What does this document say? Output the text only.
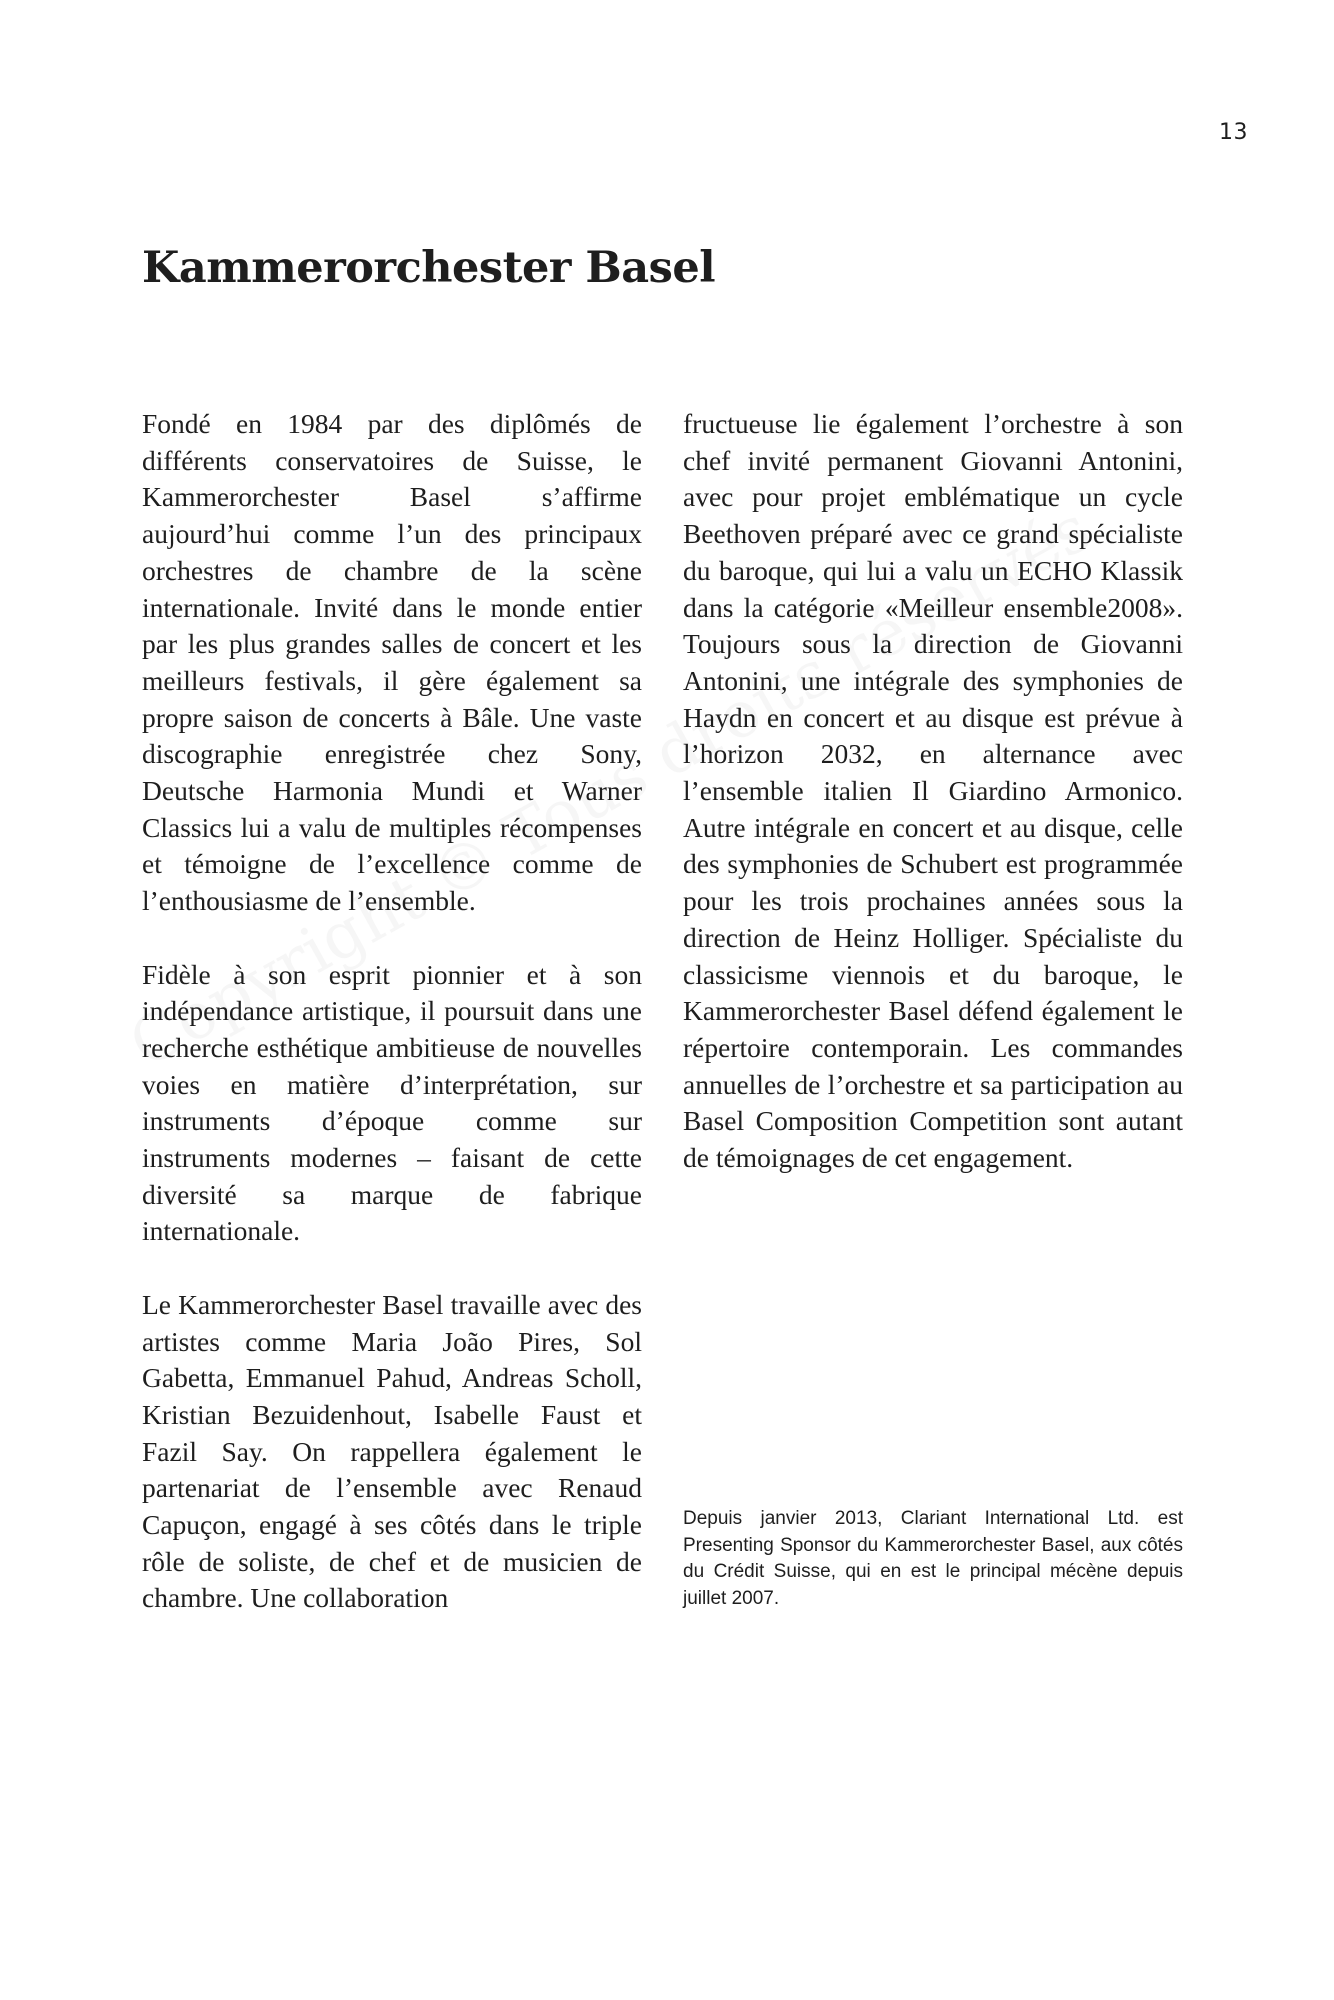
13
Kammerorchester Basel

Fondé en 1984 par des diplômés de différents conservatoires de Suisse, le Kammerorchester Basel s’affirme aujourd’hui comme l’un des principaux orchestres de chambre de la scène internationale. Invité dans le monde entier par les plus grandes salles de concert et les meilleurs festivals, il gère également sa propre saison de concerts à Bâle. Une vaste discographie enregistrée chez Sony, Deutsche Harmonia Mundi et Warner Classics lui a valu de multiples récompenses et témoigne de l’excellence comme de l’enthousiasme de l’ensemble.

Fidèle à son esprit pionnier et à son indépendance artistique, il poursuit dans une recherche esthétique ambitieuse de nouvelles voies en matière d’interprétation, sur instruments d’époque comme sur instruments modernes – faisant de cette diversité sa marque de fabrique internationale.

Le Kammerorchester Basel travaille avec des artistes comme Maria João Pires, Sol Gabetta, Emmanuel Pahud, Andreas Scholl, Kristian Bezuidenhout, Isabelle Faust et Fazil Say. On rappellera également le partenariat de l’ensemble avec Renaud Capuçon, engagé à ses côtés dans le triple rôle de soliste, de chef et de musicien de chambre. Une collaboration

fructueuse lie également l’orchestre à son chef invité permanent Giovanni Antonini, avec pour projet emblématique un cycle Beethoven préparé avec ce grand spécialiste du baroque, qui lui a valu un ECHO Klassik dans la catégorie «Meilleur ensemble2008». Toujours sous la direction de Giovanni Antonini, une intégrale des symphonies de Haydn en concert et au disque est prévue à l’horizon 2032, en alternance avec l’ensemble italien Il Giardino Armonico. Autre intégrale en concert et au disque, celle des symphonies de Schubert est programmée pour les trois prochaines années sous la direction de Heinz Holliger. Spécialiste du classicisme viennois et du baroque, le Kammerorchester Basel défend également le répertoire contemporain. Les commandes annuelles de l’orchestre et sa participation au Basel Composition Competition sont autant de témoignages de cet engagement.

Depuis janvier 2013, Clariant International Ltd. est Presenting Sponsor du Kammerorchester Basel, aux côtés du Crédit Suisse, qui en est le principal mécène depuis juillet 2007.
